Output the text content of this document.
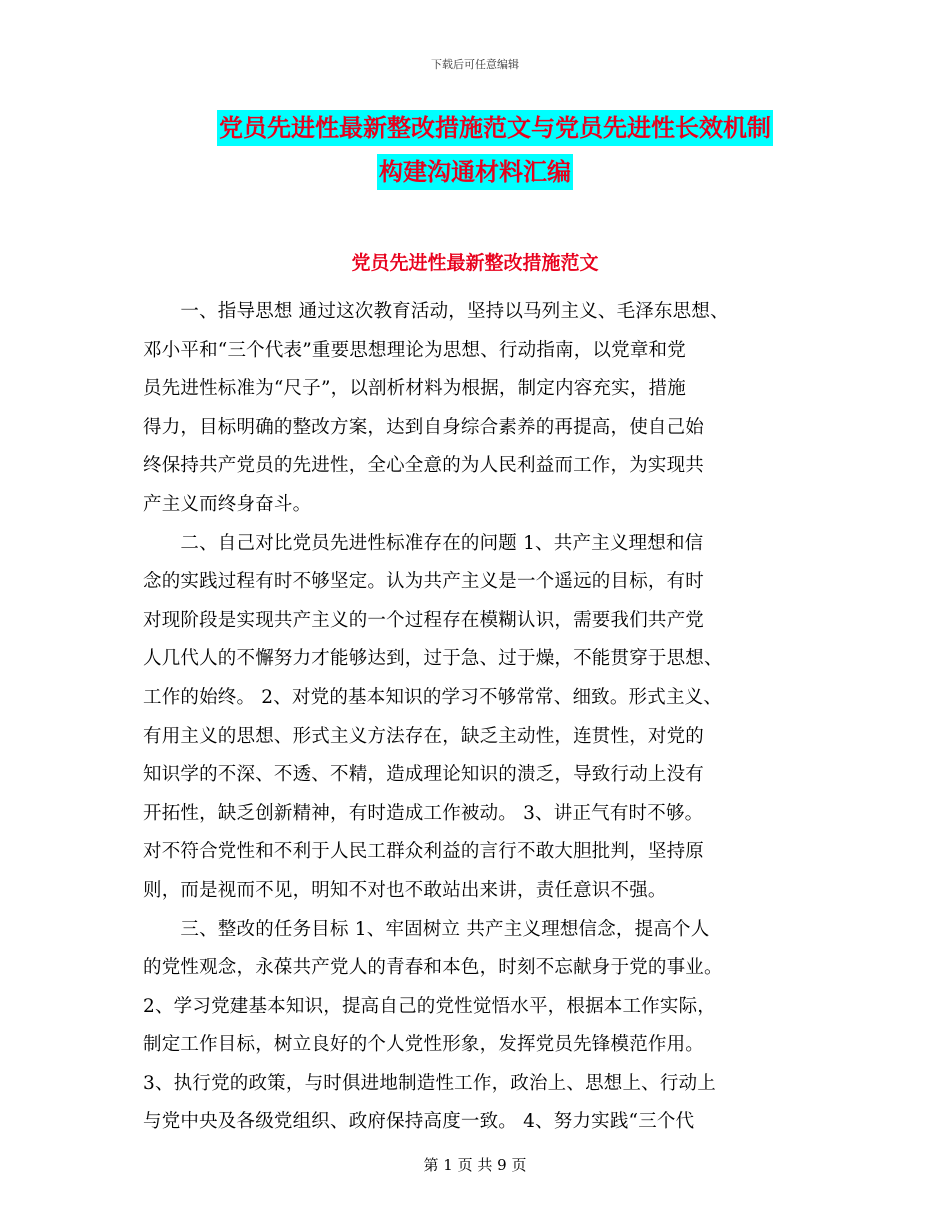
下载后可任意编辑
党员先进性最新整改措施范文与党员先进性长效机制
构建沟通材料汇编
党员先进性最新整改措施范文
　　一、指导思想 通过这次教育活动，坚持以马列主义、毛泽东思想、
邓小平和“三个代表”重要思想理论为思想、行动指南，以党章和党
员先进性标准为“尺子”，以剖析材料为根据，制定内容充实，措施
得力，目标明确的整改方案，达到自身综合素养的再提高，使自己始
终保持共产党员的先进性，全心全意的为人民利益而工作，为实现共
产主义而终身奋斗。
　　二、自己对比党员先进性标准存在的问题 1、共产主义理想和信
念的实践过程有时不够坚定。认为共产主义是一个遥远的目标，有时
对现阶段是实现共产主义的一个过程存在模糊认识，需要我们共产党
人几代人的不懈努力才能够达到，过于急、过于燥，不能贯穿于思想、
工作的始终。 2、对党的基本知识的学习不够常常、细致。形式主义、
有用主义的思想、形式主义方法存在，缺乏主动性，连贯性，对党的
知识学的不深、不透、不精，造成理论知识的溃乏，导致行动上没有
开拓性，缺乏创新精神，有时造成工作被动。 3、讲正气有时不够。
对不符合党性和不利于人民工群众利益的言行不敢大胆批判，坚持原
则，而是视而不见，明知不对也不敢站出来讲，责任意识不强。
　　三、整改的任务目标 1、牢固树立 共产主义理想信念，提高个人
的党性观念，永葆共产党人的青春和本色，时刻不忘献身于党的事业。
2、学习党建基本知识，提高自己的党性觉悟水平，根据本工作实际，
制定工作目标，树立良好的个人党性形象，发挥党员先锋模范作用。
3、执行党的政策，与时俱进地制造性工作，政治上、思想上、行动上
与党中央及各级党组织、政府保持高度一致。 4、努力实践“三个代
第 1 页 共 9 页
